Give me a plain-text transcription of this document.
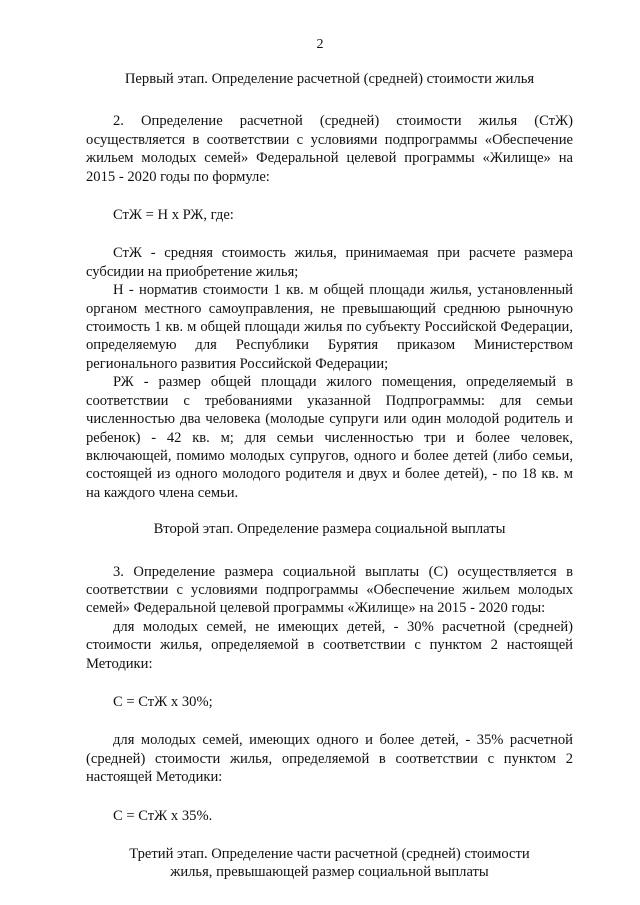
2
Первый этап. Определение расчетной (средней) стоимости жилья

2. Определение расчетной (средней) стоимости жилья (СтЖ) осуществляется в соответствии с условиями подпрограммы «Обеспечение жильем молодых семей» Федеральной целевой программы «Жилище» на 2015 - 2020 годы по формуле:

СтЖ = Н х РЖ, где:

СтЖ - средняя стоимость жилья, принимаемая при расчете размера субсидии на приобретение жилья;

Н - норматив стоимости 1 кв. м общей площади жилья, установленный органом местного самоуправления, не превышающий среднюю рыночную стоимость 1 кв. м общей площади жилья по субъекту Российской Федерации, определяемую для Республики Бурятия приказом Министерством регионального развития Российской Федерации;

РЖ - размер общей площади жилого помещения, определяемый в соответствии с требованиями указанной Подпрограммы: для семьи численностью два человека (молодые супруги или один молодой родитель и ребенок) - 42 кв. м; для семьи численностью три и более человек, включающей, помимо молодых супругов, одного и более детей (либо семьи, состоящей из одного молодого родителя и двух и более детей), - по 18 кв. м на каждого члена семьи.

Второй этап. Определение размера социальной выплаты

3. Определение размера социальной выплаты (С) осуществляется в соответствии с условиями подпрограммы «Обеспечение жильем молодых семей» Федеральной целевой программы «Жилище» на 2015 - 2020 годы:

для молодых семей, не имеющих детей, - 30% расчетной (средней) стоимости жилья, определяемой в соответствии с пунктом 2 настоящей Методики:

С = СтЖ х 30%;

для молодых семей, имеющих одного и более детей, - 35% расчетной (средней) стоимости жилья, определяемой в соответствии с пунктом 2 настоящей Методики:

С = СтЖ х 35%.
Третий этап. Определение части расчетной (средней) стоимости
жилья, превышающей размер социальной выплаты
